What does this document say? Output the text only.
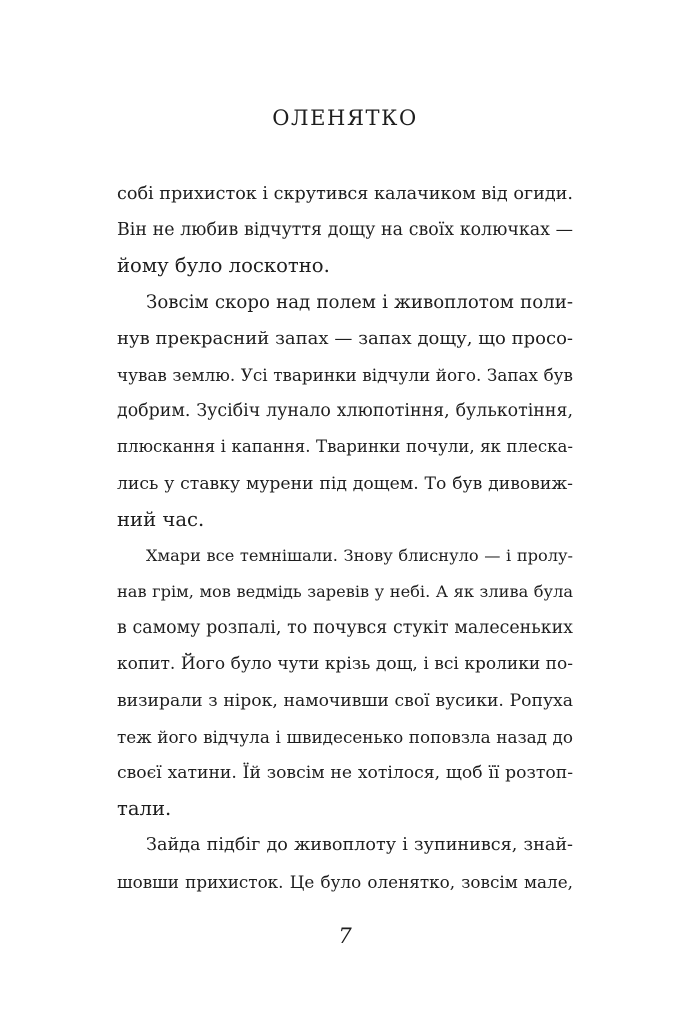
ОЛЕНЯТКО
собі прихисток і скрутився калачиком від огиди.
Він не любив відчуття дощу на своїх колючках —
йому було лоскотно.
Зовсім скоро над полем і живоплотом поли-
нув прекрасний запах — запах дощу, що просо-
чував землю. Усі тваринки відчули його. Запах був
добрим. Зусібіч лунало хлюпотіння, булькотіння,
плюскання і капання. Тваринки почули, як плеска-
лись у ставку мурени під дощем. То був дивовиж-
ний час.
Хмари все темнішали. Знову блиснуло — і пролу-
нав грім, мов ведмідь заревів у небі. А як злива була
в самому розпалі, то почувся стукіт малесеньких
копит. Його було чути крізь дощ, і всі кролики по-
визирали з нірок, намочивши свої вусики. Ропуха
теж його відчула і швидесенько поповзла назад до
своєї хатини. Їй зовсім не хотілося, щоб її розтоп-
тали.
Зайда підбіг до живоплоту і зупинився, знай-
шовши прихисток. Це було оленятко, зовсім мале,
7
